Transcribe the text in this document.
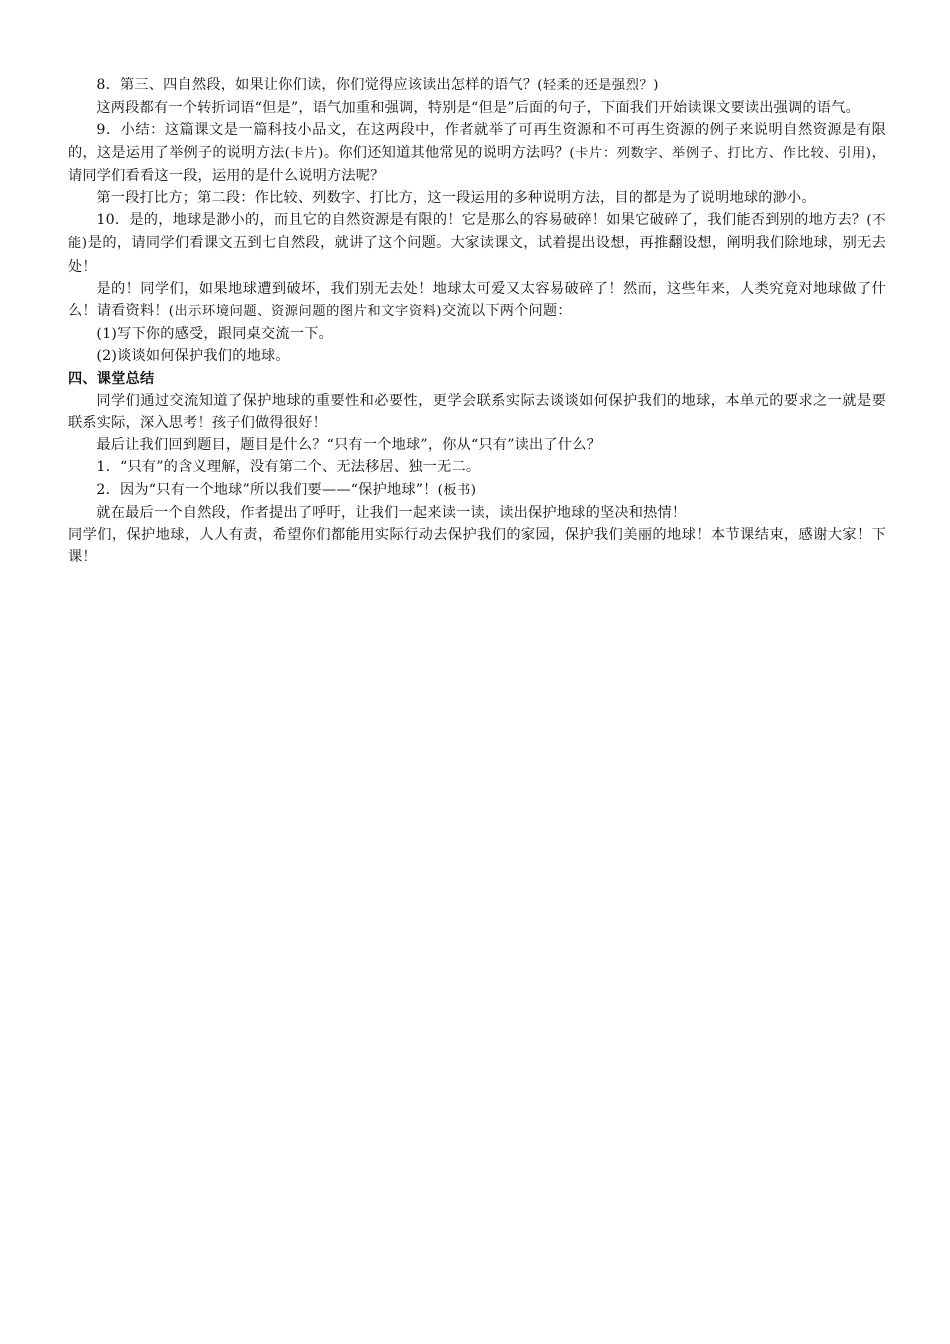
8．第三、四自然段，如果让你们读，你们觉得应该读出怎样的语气？(轻柔的还是强烈？)

这两段都有一个转折词语“但是”，语气加重和强调，特别是“但是”后面的句子，下面我们开始读课文要读出强调的语气。

9．小结：这篇课文是一篇科技小品文，在这两段中，作者就举了可再生资源和不可再生资源的例子来说明自然资源是有限的，这是运用了举例子的说明方法(卡片)。你们还知道其他常见的说明方法吗？(卡片：列数字、举例子、打比方、作比较、引用)，请同学们看看这一段，运用的是什么说明方法呢？

第一段打比方；第二段：作比较、列数字、打比方，这一段运用的多种说明方法，目的都是为了说明地球的渺小。

10．是的，地球是渺小的，而且它的自然资源是有限的！它是那么的容易破碎！如果它破碎了，我们能否到别的地方去？(不能)是的，请同学们看课文五到七自然段，就讲了这个问题。大家读课文，试着提出设想，再推翻设想，阐明我们除地球，别无去处！

是的！同学们，如果地球遭到破坏，我们别无去处！地球太可爱又太容易破碎了！然而，这些年来，人类究竟对地球做了什么！请看资料！(出示环境问题、资源问题的图片和文字资料)交流以下两个问题：

(1)写下你的感受，跟同桌交流一下。

(2)谈谈如何保护我们的地球。

四、课堂总结

同学们通过交流知道了保护地球的重要性和必要性，更学会联系实际去谈谈如何保护我们的地球，本单元的要求之一就是要联系实际，深入思考！孩子们做得很好！

最后让我们回到题目，题目是什么？“只有一个地球”，你从“只有”读出了什么？

1．“只有”的含义理解，没有第二个、无法移居、独一无二。

2．因为“只有一个地球”所以我们要——“保护地球”！(板书)

就在最后一个自然段，作者提出了呼吁，让我们一起来读一读，读出保护地球的坚决和热情！

同学们，保护地球，人人有责，希望你们都能用实际行动去保护我们的家园，保护我们美丽的地球！本节课结束，感谢大家！下课！
